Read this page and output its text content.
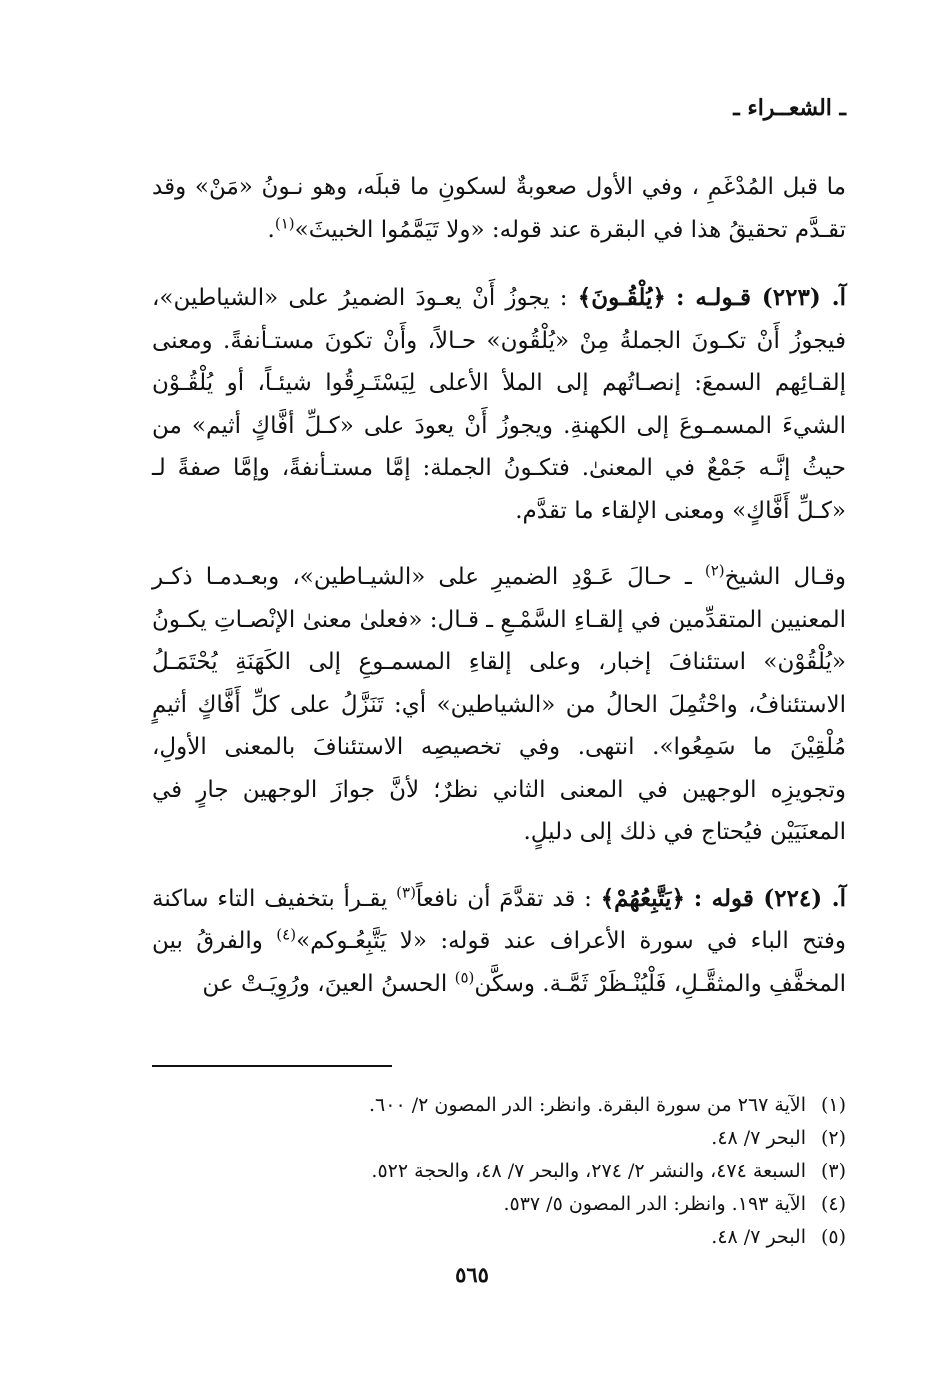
ـ الشعــراء ـ

ما قبل المُدْغَمِ ، وفي الأول صعوبةٌ لسكونِ ما قبلَه، وهو نـونُ «مَنْ» وقد تقـدَّم تحقيقُ هذا في البقرة عند قوله: «ولا تَيَمَّمُوا الخبيثَ»$^{(١)}$.

آ. (٢٢٣) قـولـه : ﴿يُلْقُـونَ﴾ : يجوزُ أَنْ يعـودَ الضميرُ على «الشياطين»، فيجوزُ أَنْ تكـونَ الجملةُ مِنْ «يُلْقُون» حـالاً، وأَنْ تكونَ مستـأنفةً. ومعنى إلقـائِهم السمعَ: إنصـاتُهم إلى الملأ الأعلى لِيَسْتَـرِقُوا شيئـاً، أو يُلْقُـوْن الشيءَ المسمـوعَ إلى الكهنةِ. ويجوزُ أَنْ يعودَ على «كـلِّ أفَّاكٍ أثيم» من حيثُ إنَّـه جَمْعٌ في المعنىٰ. فتكـونُ الجملة: إمَّا مستـأنفةً، وإمَّا صفةً لـ «كـلِّ أَفَّاكٍ» ومعنى الإلقاء ما تقدَّم.

وقـال الشيخ$^{(٢)}$ ـ حـالَ عَـوْدِ الضميرِ على «الشيـاطين»، وبعـدمـا ذكـر المعنيين المتقدِّمين في إلقـاءِ السَّمْـعِ ـ قـال: «فعلىٰ معنىٰ الإنْصـاتِ يكـونُ «يُلْقُوْن» استئنافَ إخبار، وعلى إلقاءِ المسمـوعِ إلى الكَهَنَةِ يُحْتَمَـلُ الاستئنافُ، واحْتُمِلَ الحالُ من «الشياطين» أي: تَنَزَّلُ على كلِّ أَفَّاكٍ أثيمٍ مُلْقِيْنَ ما سَمِعُوا». انتهى. وفي تخصيصِه الاستئنافَ بالمعنى الأولِ، وتجويزِه الوجهين في المعنى الثاني نظرٌ؛ لأنَّ جوازَ الوجهين جارٍ في المعنَيَيْن فيُحتاج في ذلك إلى دليلٍ.

آ. (٢٢٤) قوله : ﴿يَتَّبِعُهُمْ﴾ : قد تقدَّمَ أن نافعاً$^{(٣)}$ يقـرأ بتخفيف التاء ساكنة وفتح الباء في سورة الأعراف عند قوله: «لا يَتَّبِعُـوكم»$^{(٤)}$ والفرقُ بين المخفَّفِ والمثقَّـلِ، فَلْيُنْـظَرْ ثَمَّـة. وسكَّن$^{(٥)}$ الحسنُ العينَ، ورُوِيَـتْ عن

(١)الآية ٢٦٧ من سورة البقرة. وانظر: الدر المصون ٢/ ٦٠٠.
(٢)البحر ٧/ ٤٨.
(٣)السبعة ٤٧٤، والنشر ٢/ ٢٧٤، والبحر ٧/ ٤٨، والحجة ٥٢٢.
(٤)الآية ١٩٣. وانظر: الدر المصون ٥/ ٥٣٧.
(٥)البحر ٧/ ٤٨.
٥٦٥
